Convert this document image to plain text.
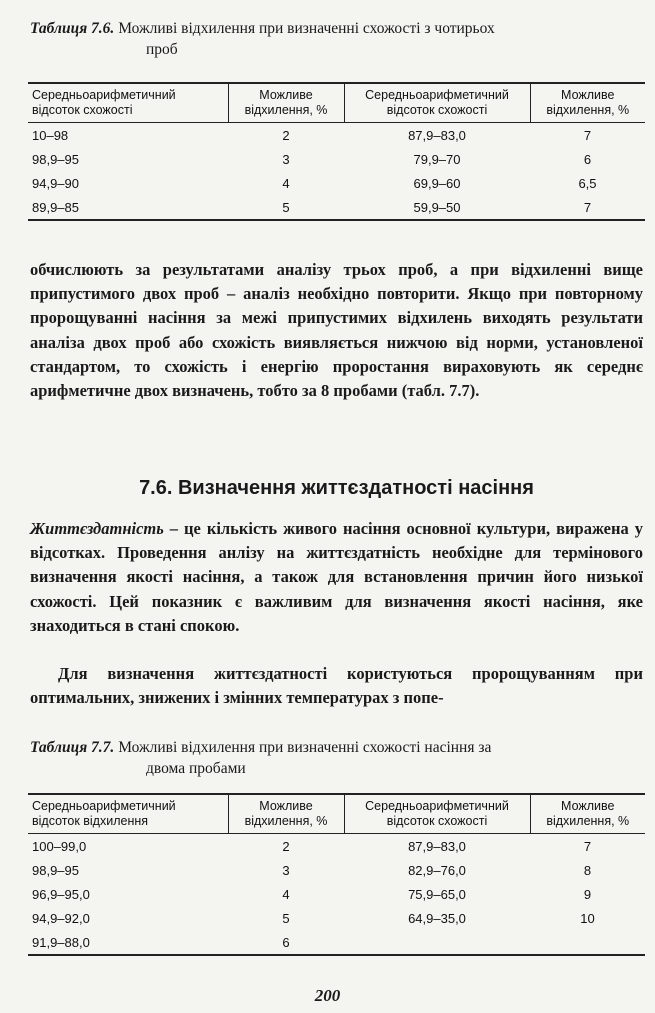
Таблиця 7.6. Можливі відхилення при визначенні схожості з чотирьох
проб
Середньоарифметичний відсоток схожості	Можливе відхилення, %	Середньоарифметичний відсоток схожості	Можливе відхилення, %
10–98	2	87,9–83,0	7
98,9–95	3	79,9–70	6
94,9–90	4	69,9–60	6,5
89,9–85	5	59,9–50	7

обчислюють за результатами аналізу трьох проб, а при відхиленні вище припустимого двох проб – аналіз необхідно повторити. Якщо при повторному пророщуванні насіння за межі припустимих відхилень виходять результати аналіза двох проб або схожість виявляється нижчою від норми, установленої стандартом, то схожість і енергію проростання вираховують як середнє арифметичне двох визначень, тобто за 8 пробами (табл. 7.7).

7.6. Визначення життєздатності насіння

Життєздатність – це кількість живого насіння основної культури, виражена у відсотках. Проведення анлізу на життєздатність необхідне для термінового визначення якості насіння, а також для встановлення причин його низької схожості. Цей показник є важливим для визначення якості насіння, яке знаходиться в стані спокою.

Для визначення життєздатності користуються пророщуванням при оптимальних, знижених і змінних температурах з попе-

Таблиця 7.7. Можливі відхилення при визначенні схожості насіння за
двома пробами
Середньоарифметичний відсоток відхилення	Можливе відхилення, %	Середньоарифметичний відсоток схожості	Можливе відхилення, %
100–99,0	2	87,9–83,0	7
98,9–95	3	82,9–76,0	8
96,9–95,0	4	75,9–65,0	9
94,9–92,0	5	64,9–35,0	10
91,9–88,0	6		
200
